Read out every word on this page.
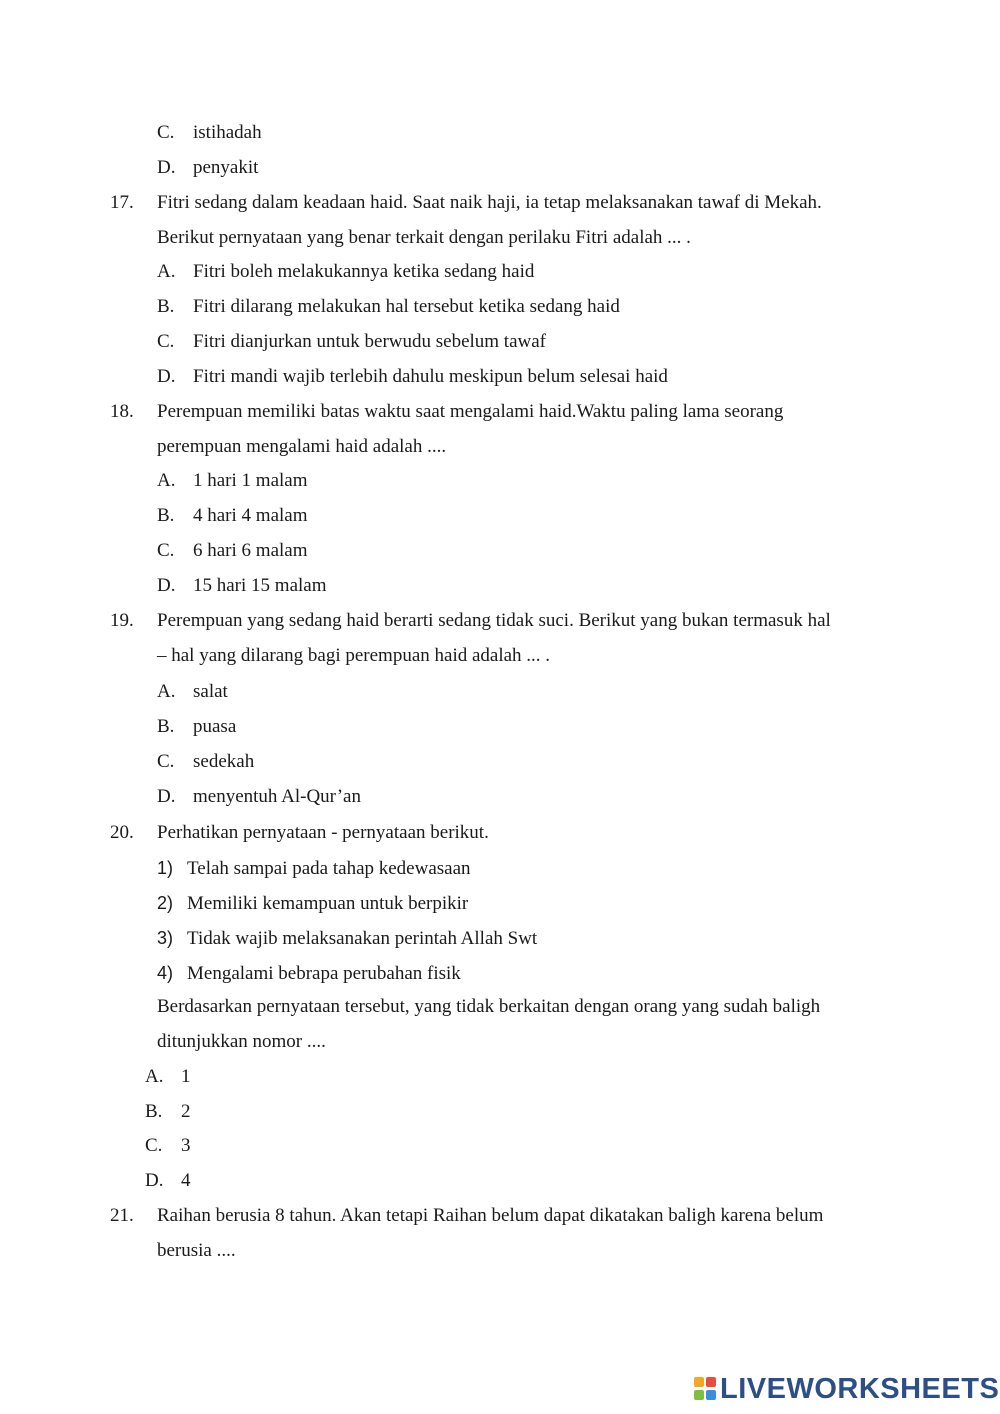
C. istihadah
D. penyakit
17. Fitri sedang dalam keadaan haid. Saat naik haji, ia tetap melaksanakan tawaf di Mekah.
Berikut pernyataan yang benar terkait dengan perilaku Fitri adalah ... .
A. Fitri boleh melakukannya ketika sedang haid
B. Fitri dilarang melakukan hal tersebut ketika sedang haid
C. Fitri dianjurkan untuk berwudu sebelum tawaf
D. Fitri mandi wajib terlebih dahulu meskipun belum selesai haid
18. Perempuan memiliki batas waktu saat mengalami haid.Waktu paling lama seorang
perempuan mengalami haid adalah ....
A. 1 hari 1 malam
B. 4 hari 4 malam
C. 6 hari 6 malam
D. 15 hari 15 malam
19. Perempuan yang sedang haid berarti sedang tidak suci. Berikut yang bukan termasuk hal
– hal yang dilarang bagi perempuan haid adalah ... .
A. salat
B. puasa
C. sedekah
D. menyentuh Al-Qur’an
20. Perhatikan pernyataan - pernyataan berikut.
1) Telah sampai pada tahap kedewasaan
2) Memiliki kemampuan untuk berpikir
3) Tidak wajib melaksanakan perintah Allah Swt
4) Mengalami bebrapa perubahan fisik
Berdasarkan pernyataan tersebut, yang tidak berkaitan dengan orang yang sudah baligh
ditunjukkan nomor ....
A. 1
B. 2
C. 3
D. 4
21. Raihan berusia 8 tahun. Akan tetapi Raihan belum dapat dikatakan baligh karena belum
berusia ....
LIVEWORKSHEETS
